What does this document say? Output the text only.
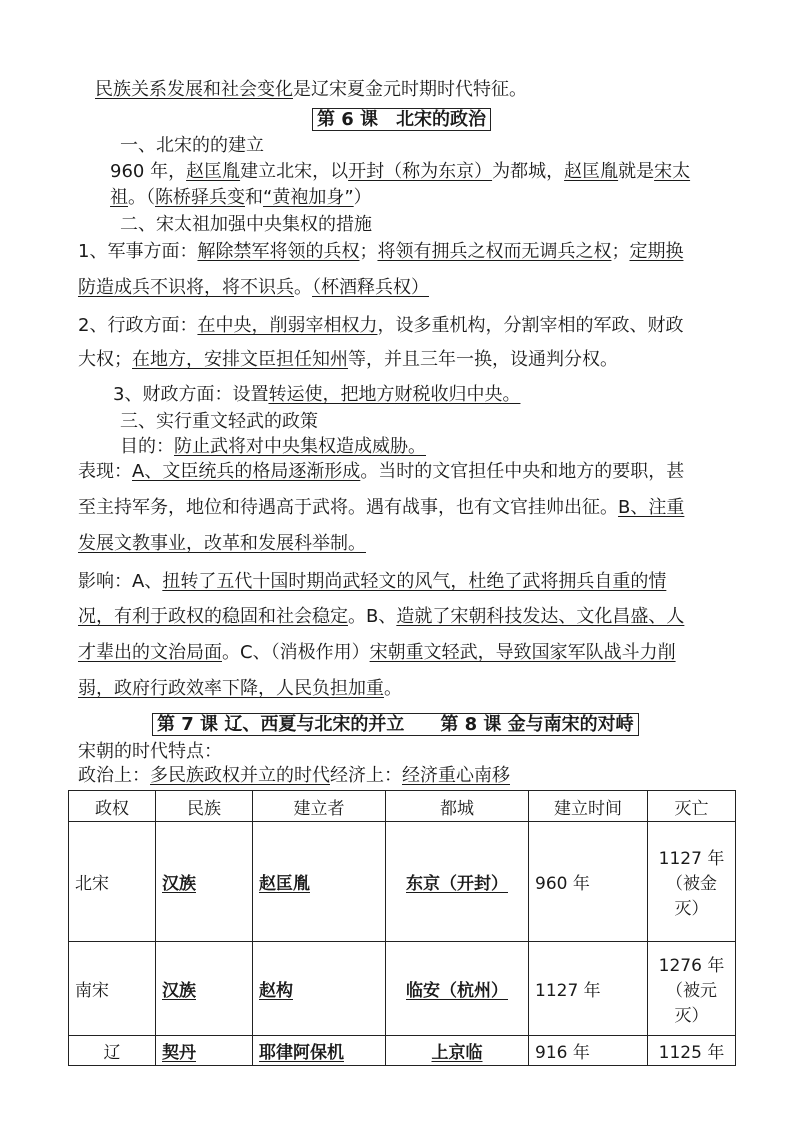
民族关系发展和社会变化是辽宋夏金元时期时代特征。
第 6 课　北宋的政治
一、北宋的的建立
960 年，赵匡胤建立北宋，以开封（称为东京）为都城，赵匡胤就是宋太
祖。（陈桥驿兵变和“黄袍加身”）
二、宋太祖加强中央集权的措施
1、军事方面：解除禁军将领的兵权；将领有拥兵之权而无调兵之权；定期换
防造成兵不识将，将不识兵。（杯酒释兵权）
2、行政方面：在中央，削弱宰相权力，设多重机构，分割宰相的军政、财政
大权；在地方，安排文臣担任知州等，并且三年一换，设通判分权。
3、财政方面：设置转运使，把地方财税收归中央。
三、实行重文轻武的政策
目的：防止武将对中央集权造成威胁。
表现：A、文臣统兵的格局逐渐形成。当时的文官担任中央和地方的要职，甚
至主持军务，地位和待遇高于武将。遇有战事，也有文官挂帅出征。B、注重
发展文教事业，改革和发展科举制。
影响：A、扭转了五代十国时期尚武轻文的风气，杜绝了武将拥兵自重的情
况，有利于政权的稳固和社会稳定。B、造就了宋朝科技发达、文化昌盛、人
才辈出的文治局面。C、（消极作用）宋朝重文轻武，导致国家军队战斗力削
弱，政府行政效率下降，人民负担加重。
第 7 课 辽、西夏与北宋的并立　　第 8 课 金与南宋的对峙
宋朝的时代特点：
政治上：多民族政权并立的时代经济上：经济重心南移
政权	民族	建立者	都城	建立时间	灭亡
北宋	汉族	赵匡胤	东京（开封）	960 年	1127 年
（被金灭）

南宋	汉族	赵构	临安（杭州）	1127 年	1276 年
（被元灭）

辽	契丹	耶律阿保机	上京临	916 年	1125 年
